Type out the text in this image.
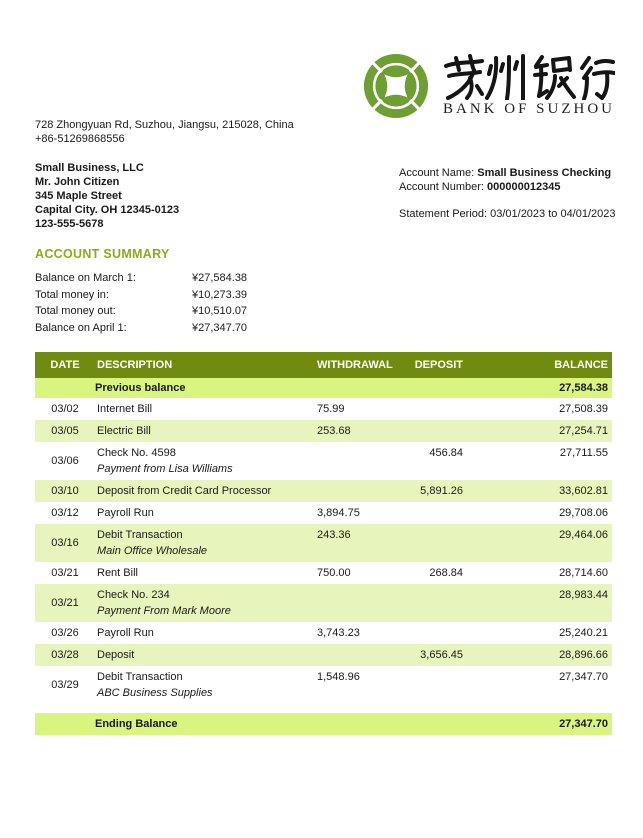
BANK OF SUZHOU
728 Zhongyuan Rd, Suzhou, Jiangsu, 215028, China
+86-51269868556
Small Business, LLC
Mr. John Citizen
345 Maple Street
Capital City. OH 12345-0123
123-555-5678
Account Name: Small Business Checking
Account Number: 000000012345
Statement Period: 03/01/2023 to 04/01/2023
ACCOUNT SUMMARY
Balance on March 1:	¥27,584.38
Total money in:	¥10,273.39
Total money out:	¥10,510.07
Balance on April 1:	¥27,347.70
DATE	DESCRIPTION	WITHDRAWAL	DEPOSIT	BALANCE
	Previous balance			27,584.38
03/02	Internet Bill	75.99		27,508.39
03/05	Electric Bill	253.68		27,254.71
03/06	Check No. 4598
Payment from Lisa Williams		456.84	27,711.55
03/10	Deposit from Credit Card Processor		5,891.26	33,602.81
03/12	Payroll Run	3,894.75		29,708.06
03/16	Debit Transaction
Main Office Wholesale	243.36		29,464.06
03/21	Rent Bill	750.00	268.84	28,714.60
03/21	Check No. 234
Payment From Mark Moore			28,983.44
03/26	Payroll Run	3,743.23		25,240.21
03/28	Deposit		3,656.45	28,896.66
03/29	Debit Transaction
ABC Business Supplies	1,548.96		27,347.70

	Ending Balance			27,347.70
